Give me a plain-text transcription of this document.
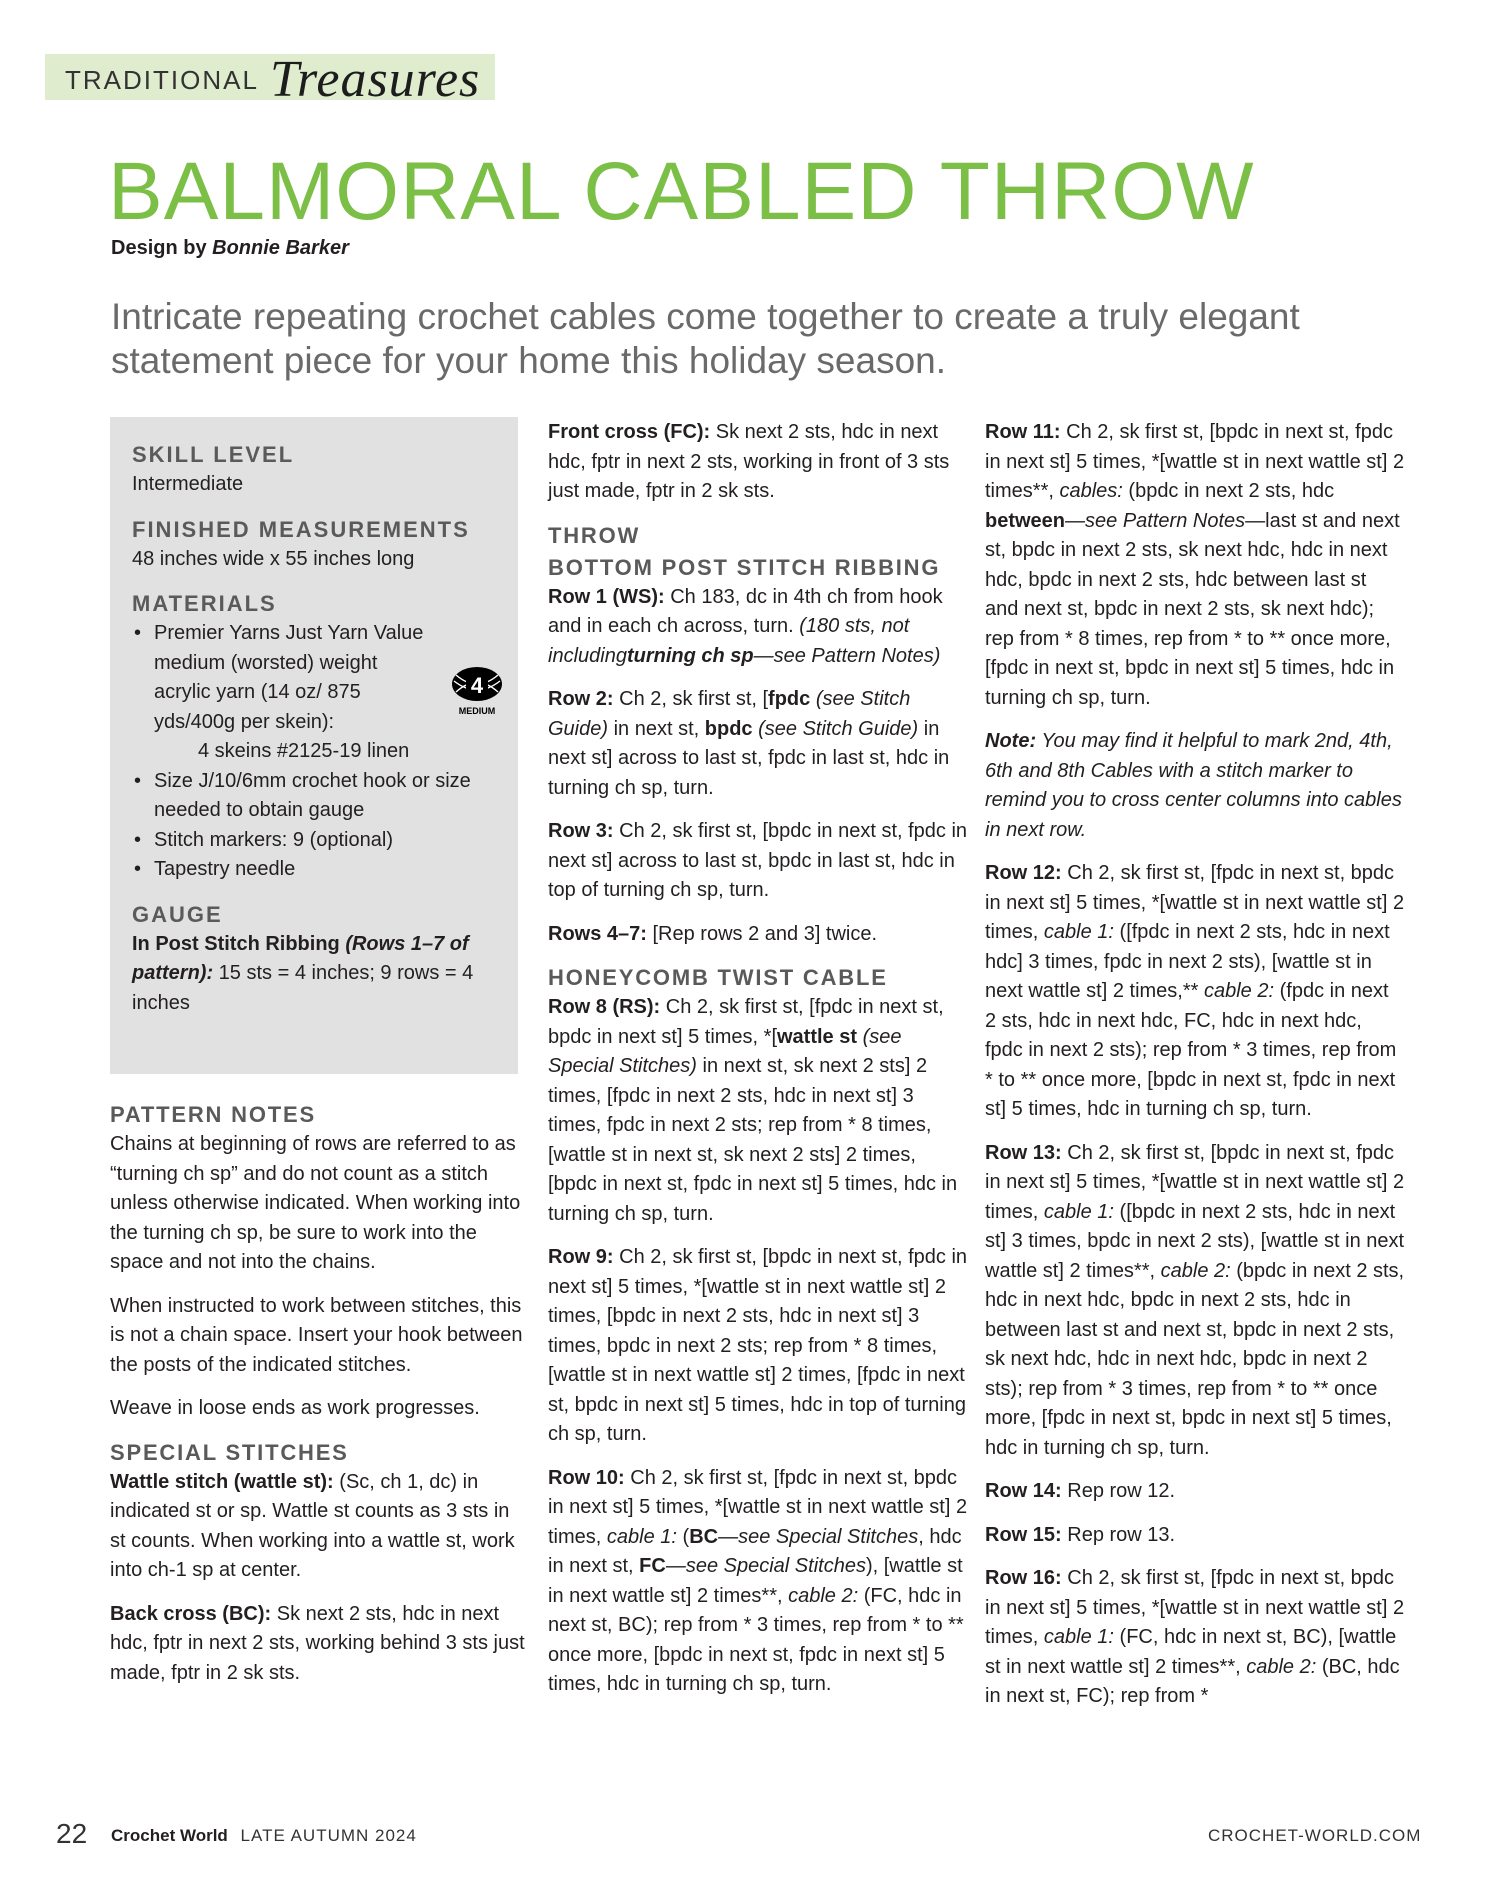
TRADITIONAL Treasures
BALMORAL CABLED THROW
Design by Bonnie Barker
Intricate repeating crochet cables come together to create a truly elegant statement piece for your home this holiday season.
SKILL LEVEL
Intermediate
FINISHED MEASUREMENTS
48 inches wide x 55 inches long
MATERIALS
• Premier Yarns Just Yarn Value medium (worsted) weight acrylic yarn (14 oz/ 875 yds/400g per skein):
4 skeins #2125-19 linen
• Size J/10/6mm crochet hook or size needed to obtain gauge
• Stitch markers: 9 (optional)
• Tapestry needle
GAUGE
In Post Stitch Ribbing (Rows 1–7 of pattern): 15 sts = 4 inches; 9 rows = 4 inches
4
MEDIUM
PATTERN NOTES

Chains at beginning of rows are referred to as “turning ch sp” and do not count as a stitch unless otherwise indicated. When working into the turning ch sp, be sure to work into the space and not into the chains.

When instructed to work between stitches, this is not a chain space. Insert your hook between the posts of the indicated stitches.

Weave in loose ends as work progresses.

SPECIAL STITCHES

Wattle stitch (wattle st): (Sc, ch 1, dc) in indicated st or sp. Wattle st counts as 3 sts in st counts. When working into a wattle st, work into ch-1 sp at center.

Back cross (BC): Sk next 2 sts, hdc in next hdc, fptr in next 2 sts, working behind 3 sts just made, fptr in 2 sk sts.

Front cross (FC): Sk next 2 sts, hdc in next hdc, fptr in next 2 sts, working in front of 3 sts just made, fptr in 2 sk sts.

THROW
BOTTOM POST STITCH RIBBING

Row 1 (WS): Ch 183, dc in 4th ch from hook and in each ch across, turn. (180 sts, not includingturning ch sp—see Pattern Notes)

Row 2: Ch 2, sk first st, [fpdc (see Stitch Guide) in next st, bpdc (see Stitch Guide) in next st] across to last st, fpdc in last st, hdc in turning ch sp, turn.

Row 3: Ch 2, sk first st, [bpdc in next st, fpdc in next st] across to last st, bpdc in last st, hdc in top of turning ch sp, turn.

Rows 4–7: [Rep rows 2 and 3] twice.

HONEYCOMB TWIST CABLE

Row 8 (RS): Ch 2, sk first st, [fpdc in next st, bpdc in next st] 5 times, *[wattle st (see Special Stitches) in next st, sk next 2 sts] 2 times, [fpdc in next 2 sts, hdc in next st] 3 times, fpdc in next 2 sts; rep from * 8 times, [wattle st in next st, sk next 2 sts] 2 times, [bpdc in next st, fpdc in next st] 5 times, hdc in turning ch sp, turn.

Row 9: Ch 2, sk first st, [bpdc in next st, fpdc in next st] 5 times, *[wattle st in next wattle st] 2 times, [bpdc in next 2 sts, hdc in next st] 3 times, bpdc in next 2 sts; rep from * 8 times, [wattle st in next wattle st] 2 times, [fpdc in next st, bpdc in next st] 5 times, hdc in top of turning ch sp, turn.

Row 10: Ch 2, sk first st, [fpdc in next st, bpdc in next st] 5 times, *[wattle st in next wattle st] 2 times, cable 1: (BC—see Special Stitches, hdc in next st, FC—see Special Stitches), [wattle st in next wattle st] 2 times**, cable 2: (FC, hdc in next st, BC); rep from * 3 times, rep from * to ** once more, [bpdc in next st, fpdc in next st] 5 times, hdc in turning ch sp, turn.

Row 11: Ch 2, sk first st, [bpdc in next st, fpdc in next st] 5 times, *[wattle st in next wattle st] 2 times**, cables: (bpdc in next 2 sts, hdc between—see Pattern Notes—last st and next st, bpdc in next 2 sts, sk next hdc, hdc in next hdc, bpdc in next 2 sts, hdc between last st and next st, bpdc in next 2 sts, sk next hdc); rep from * 8 times, rep from * to ** once more, [fpdc in next st, bpdc in next st] 5 times, hdc in turning ch sp, turn.

Note: You may find it helpful to mark 2nd, 4th, 6th and 8th Cables with a stitch marker to remind you to cross center columns into cables in next row.

Row 12: Ch 2, sk first st, [fpdc in next st, bpdc in next st] 5 times, *[wattle st in next wattle st] 2 times, cable 1: ([fpdc in next 2 sts, hdc in next hdc] 3 times, fpdc in next 2 sts), [wattle st in next wattle st] 2 times,** cable 2: (fpdc in next 2 sts, hdc in next hdc, FC, hdc in next hdc, fpdc in next 2 sts); rep from * 3 times, rep from * to ** once more, [bpdc in next st, fpdc in next st] 5 times, hdc in turning ch sp, turn.

Row 13: Ch 2, sk first st, [bpdc in next st, fpdc in next st] 5 times, *[wattle st in next wattle st] 2 times, cable 1: ([bpdc in next 2 sts, hdc in next st] 3 times, bpdc in next 2 sts), [wattle st in next wattle st] 2 times**, cable 2: (bpdc in next 2 sts, hdc in next hdc, bpdc in next 2 sts, hdc in between last st and next st, bpdc in next 2 sts, sk next hdc, hdc in next hdc, bpdc in next 2 sts); rep from * 3 times, rep from * to ** once more, [fpdc in next st, bpdc in next st] 5 times, hdc in turning ch sp, turn.

Row 14: Rep row 12.

Row 15: Rep row 13.

Row 16: Ch 2, sk first st, [fpdc in next st, bpdc in next st] 5 times, *[wattle st in next wattle st] 2 times, cable 1: (FC, hdc in next st, BC), [wattle st in next wattle st] 2 times**, cable 2: (BC, hdc in next st, FC); rep from *

22 Crochet World LATE AUTUMN 2024	CROCHET-WORLD.COM
